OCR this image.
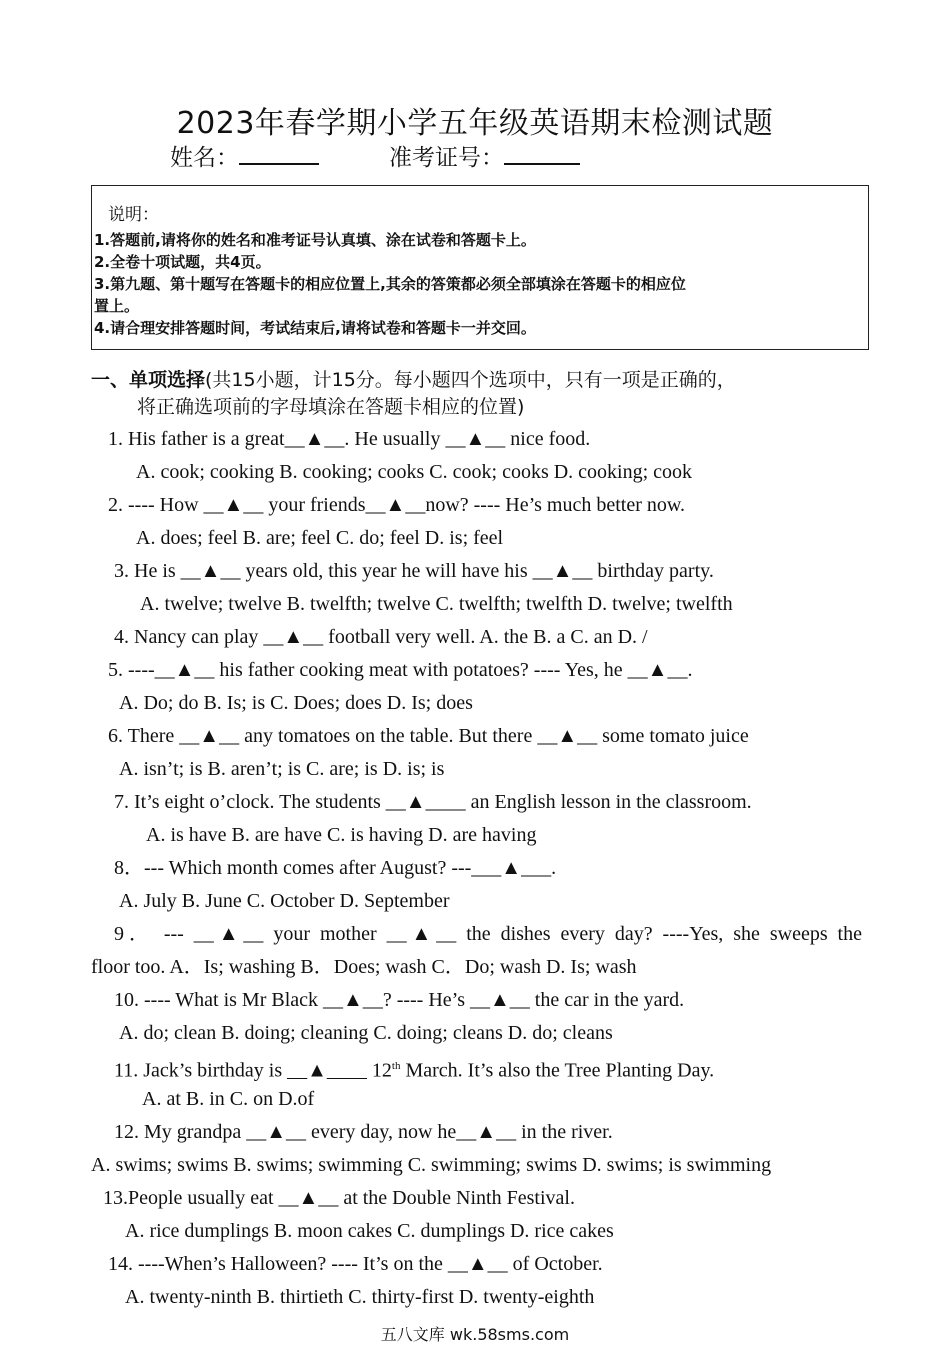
2023年春学期小学五年级英语期末检测试题
姓名：	准考证号：
说明：
1.答题前,请将你的姓名和准考证号认真填、涂在试卷和答题卡上。
2.全卷十项试题，共4页。
3.第九题、第十题写在答题卡的相应位置上,其余的答策都必须全部填涂在答题卡的相应位
置上。
4.请合理安排答题时间，考试结束后,请将试卷和答题卡一并交回。
一、单项选择(共15小题，计15分。每小题四个选项中，只有一项是正确的，
将正确选项前的字母填涂在答题卡相应的位置)
1. His father is a great__▲__. He usually __▲__ nice food.
A. cook; cooking B. cooking; cooks C. cook; cooks D. cooking; cook
2. ---- How __▲__ your friends__▲__now? ---- He’s much better now.
A. does; feel B. are; feel C. do; feel D. is; feel
3. He is __▲__ years old, this year he will have his __▲__ birthday party.
A. twelve; twelve B. twelfth; twelve C. twelfth; twelfth D. twelve; twelfth
4. Nancy can play __▲__ football very well. A. the B. a C. an D. /
5. ----__▲__ his father cooking meat with potatoes? ---- Yes, he __▲__.
A. Do; do B. Is; is C. Does; does D. Is; does
6. There __▲__ any tomatoes on the table. But there __▲__ some tomato juice
A. isn’t; is B. aren’t; is C. are; is D. is; is
7. It’s eight o’clock. The students __▲____ an English lesson in the classroom.
A. is have B. are have C. is having D. are having
8．--- Which month comes after August? ---___▲___.
A. July B. June C. October D. September
9． --- __▲__ your mother __▲__ the dishes every day? ----Yes, she sweeps the
floor too. A．Is; washing B．Does; wash C．Do; wash D. Is; wash
10. ---- What is Mr Black __▲__? ---- He’s __▲__ the car in the yard.
A. do; clean B. doing; cleaning C. doing; cleans D. do; cleans
11. Jack’s birthday is __▲____ 12th March. It’s also the Tree Planting Day.
A. at B. in C. on D.of
12. My grandpa __▲__ every day, now he__▲__ in the river.
A. swims; swims B. swims; swimming C. swimming; swims D. swims; is swimming
13.People usually eat __▲__ at the Double Ninth Festival.
A. rice dumplings B. moon cakes C. dumplings D. rice cakes
14. ----When’s Halloween? ---- It’s on the __▲__ of October.
A. twenty-ninth B. thirtieth C. thirty-first D. twenty-eighth
五八文库 wk.58sms.com
